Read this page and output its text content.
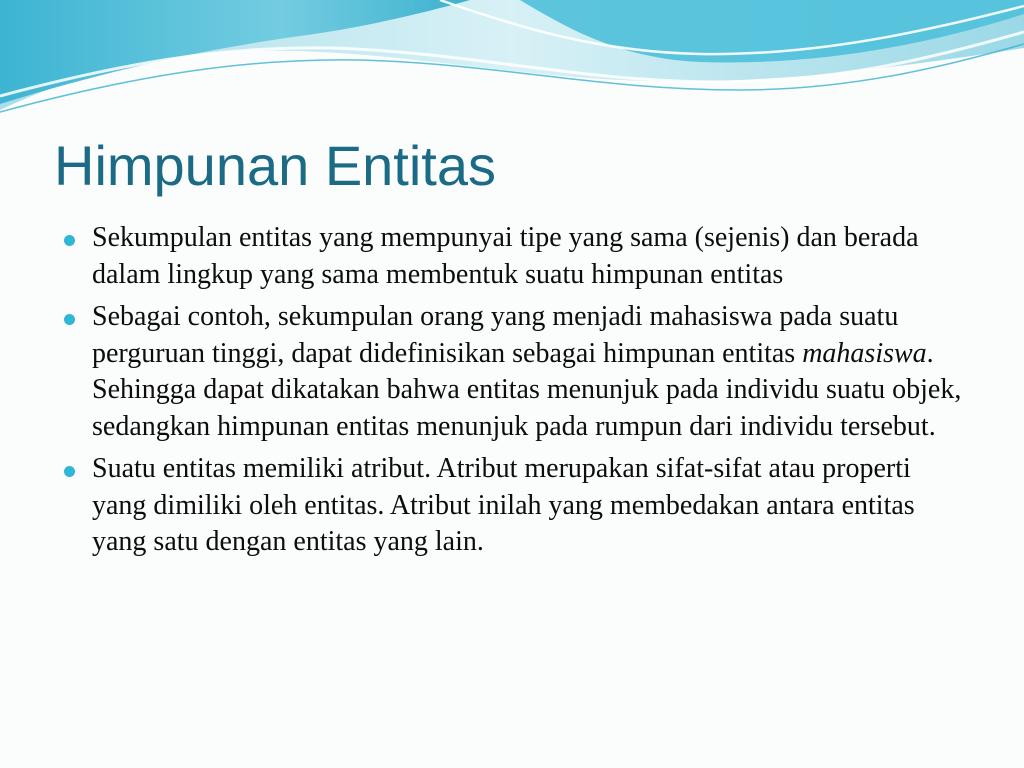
Himpunan Entitas
Sekumpulan entitas yang mempunyai tipe yang sama (sejenis) dan berada dalam lingkup yang sama membentuk suatu himpunan entitas
Sebagai contoh, sekumpulan orang yang menjadi mahasiswa pada suatu perguruan tinggi, dapat didefinisikan sebagai himpunan entitas mahasiswa. Sehingga dapat dikatakan bahwa entitas menunjuk pada individu suatu objek, sedangkan himpunan entitas menunjuk pada rumpun dari individu tersebut.
Suatu entitas memiliki atribut. Atribut merupakan sifat-sifat atau properti yang dimiliki oleh entitas. Atribut inilah yang membedakan antara entitas yang satu dengan entitas yang lain.
